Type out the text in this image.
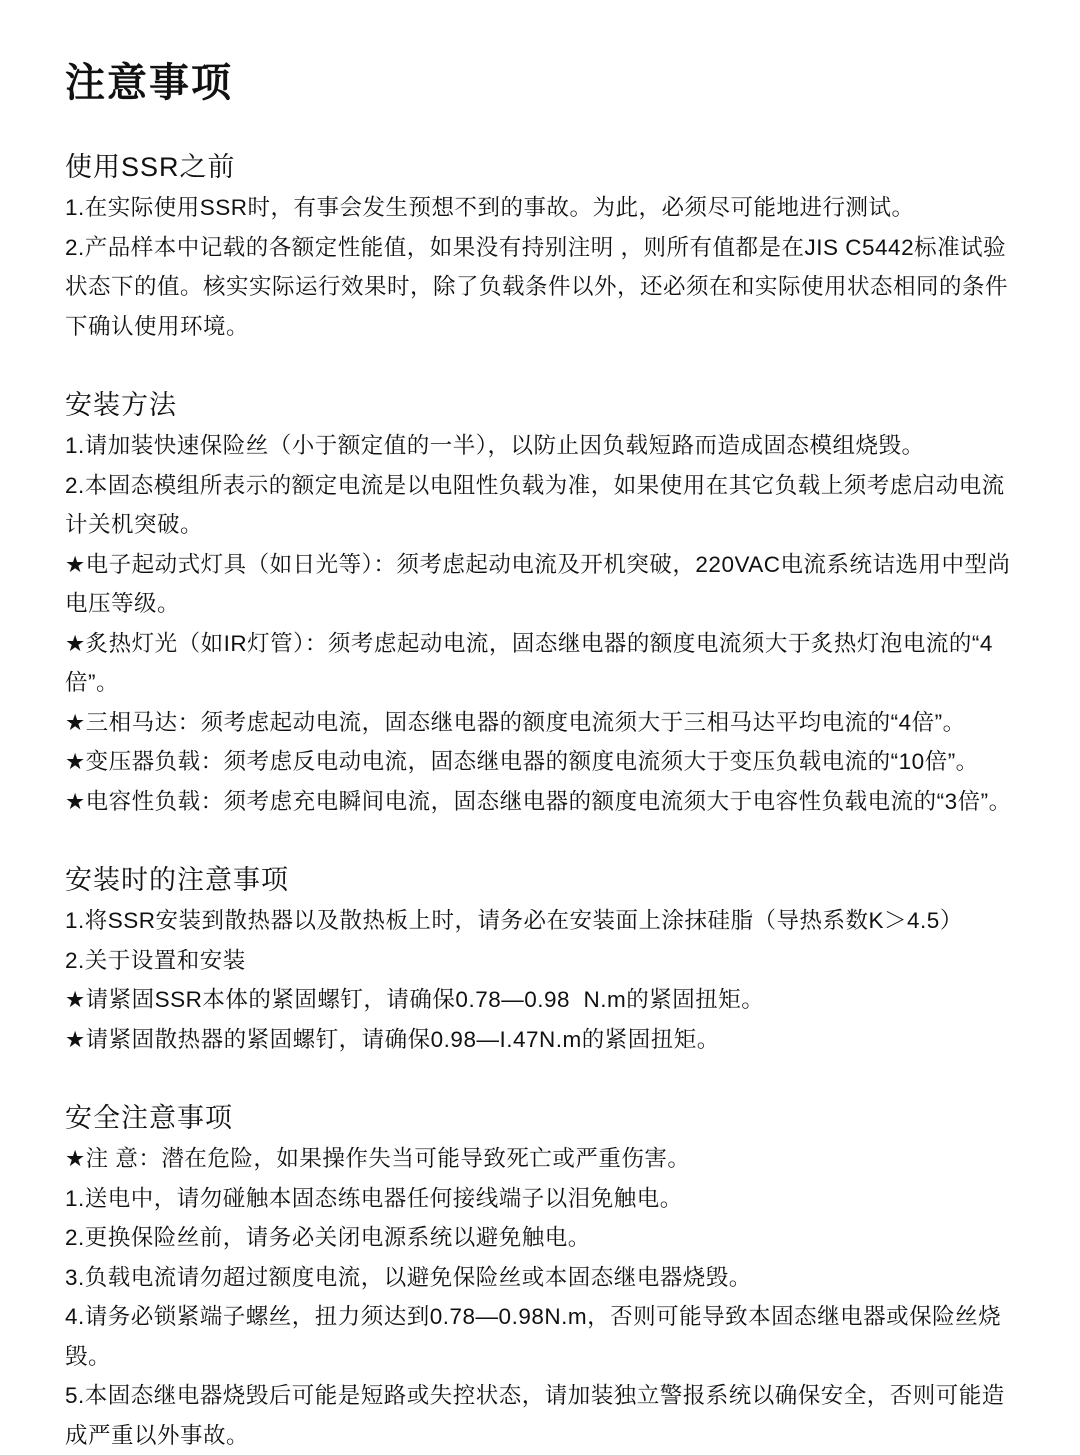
注意事项
使用SSR之前

1.在实际使用SSR时，有事会发生预想不到的事故。为此，必须尽可能地进行测试。

2.产品样本中记载的各额定性能值，如果没有持别注明 ，则所有值都是在JIS C5442标准试验状态下的值。核实实际运行效果时，除了负载条件以外，还必须在和实际使用状态相同的条件下确认使用环境。

安装方法

1.请加装快速保险丝（小于额定值的一半），以防止因负载短路而造成固态模组烧毁。

2.本固态模组所表示的额定电流是以电阻性负载为准，如果使用在其它负载上须考虑启动电流计关机突破。

★电子起动式灯具（如日光等）：须考虑起动电流及开机突破，220VAC电流系统诘选用中型尚电压等级。

★炙热灯光（如IR灯管）：须考虑起动电流，固态继电器的额度电流须大于炙热灯泡电流的“4倍”。

★三相马达：须考虑起动电流，固态继电器的额度电流须大于三相马达平均电流的“4倍”。

★变压器负载：须考虑反电动电流，固态继电器的额度电流须大于变压负载电流的“10倍”。

★电容性负载：须考虑充电瞬间电流，固态继电器的额度电流须大于电容性负载电流的“3倍”。

安装时的注意事项

1.将SSR安装到散热器以及散热板上时，请务必在安装面上涂抹硅脂（导热系数K＞4.5）

2.关于设置和安装

★请紧固SSR本体的紧固螺钉，请确保0.78—0.98  N.m的紧固扭矩。

★请紧固散热器的紧固螺钉，请确保0.98—I.47N.m的紧固扭矩。

安全注意事项

★注 意：潜在危险，如果操作失当可能导致死亡或严重伤害。

1.送电中，请勿碰触本固态练电器任何接线端子以泪免触电。

2.更换保险丝前，请务必关闭电源系统以避免触电。

3.负载电流请勿超过额度电流，以避免保险丝或本固态继电器烧毁。

4.请务必锁紧端子螺丝，扭力须达到0.78—0.98N.m，否则可能导致本固态继电器或保险丝烧毁。

5.本固态继电器烧毁后可能是短路或失控状态，请加装独立警报系统以确保安全，否则可能造成严重以外事故。
